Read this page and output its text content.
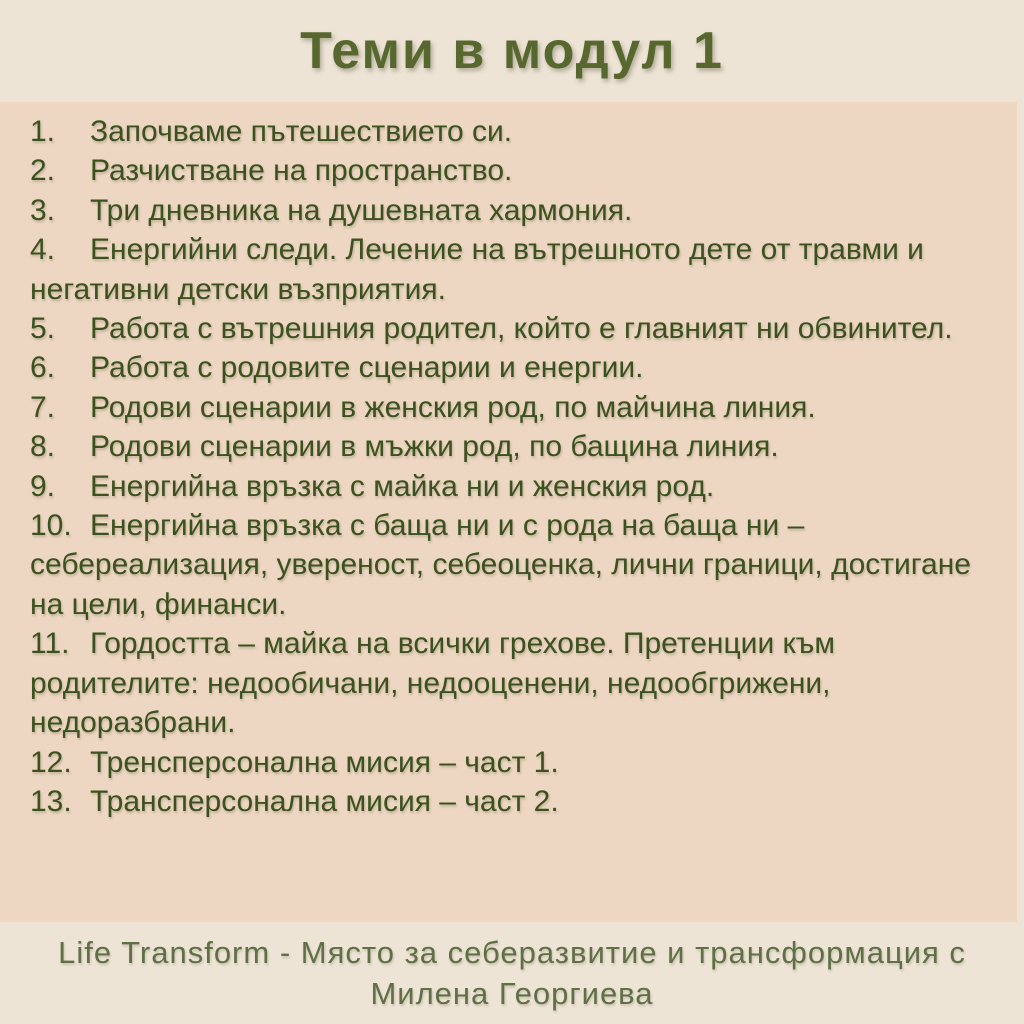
Теми в модул 1
1. Започваме пътешествието си.
2. Разчистване на пространство.
3. Три дневника на душевната хармония.
4. Енергийни следи. Лечение на вътрешното дете от травми и негативни детски възприятия.
5. Работа с вътрешния родител, който е главният ни обвинител.
6. Работа с родовите сценарии и енергии.
7. Родови сценарии в женския род, по майчина линия.
8. Родови сценарии в мъжки род, по бащина линия.
9. Енергийна връзка с майка ни и женския род.
10. Енергийна връзка с баща ни и с рода на баща ни – себереализация, увереност, себеоценка, лични граници, достигане на цели, финанси.
11. Гордостта – майка на всички грехове. Претенции към родителите: недообичани, недооценени, недообгрижени, недоразбрани.
12. Тренсперсонална мисия – част 1.
13. Трансперсонална мисия – част 2.
Life Transform - Място за себеразвитие и трансформация с
Милена Георгиева
